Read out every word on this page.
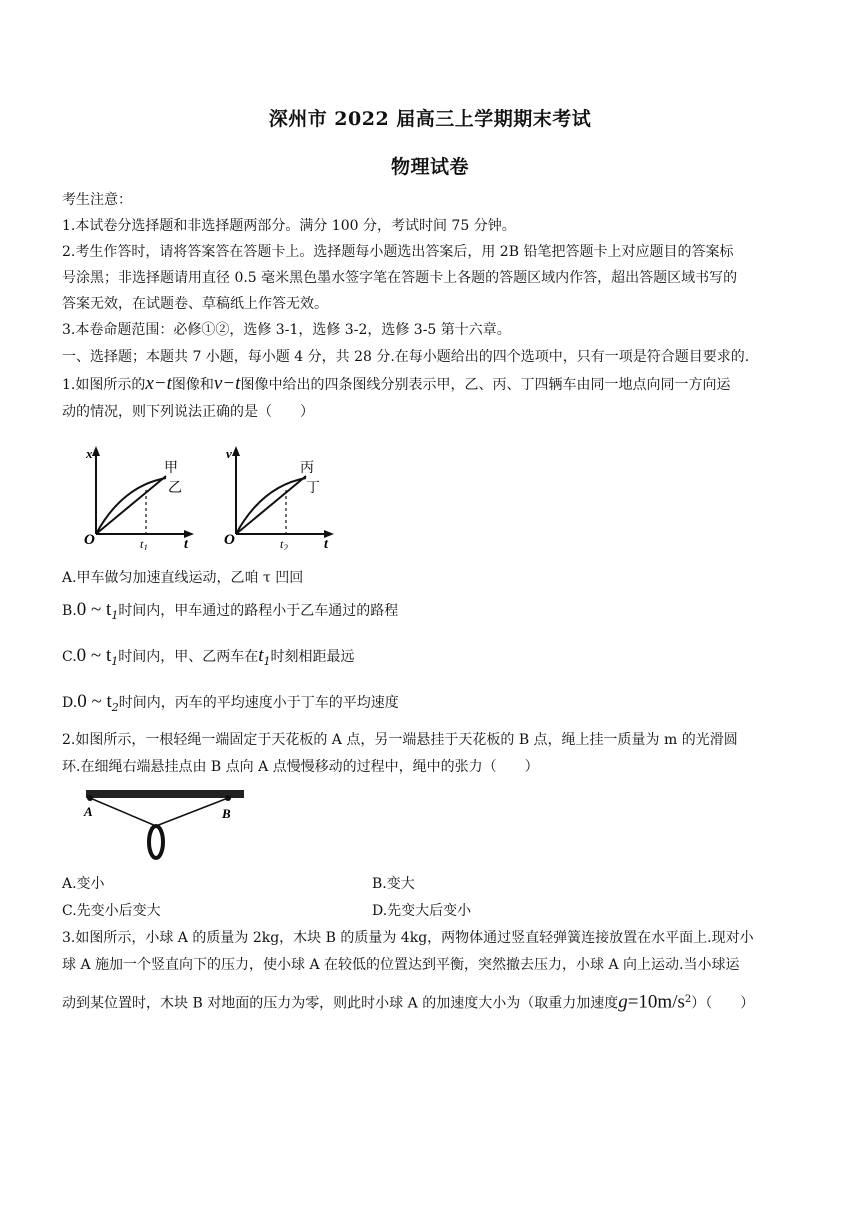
深州市 2022 届高三上学期期末考试
物理试卷
考生注意：
1.本试卷分选择题和非选择题两部分。满分 100 分，考试时间 75 分钟。
2.考生作答时，请将答案答在答题卡上。选择题每小题选出答案后，用 2B 铅笔把答题卡上对应题目的答案标
号涂黑；非选择题请用直径 0.5 毫米黑色墨水签字笔在答题卡上各题的答题区域内作答，超出答题区域书写的
答案无效，在试题卷、草稿纸上作答无效。
3.本卷命题范围：必修①②，选修 3-1，选修 3-2，选修 3-5 第十六章。
一、选择题；本题共 7 小题，每小题 4 分，共 28 分.在每小题给出的四个选项中，只有一项是符合题目要求的.
1.如图所示的x−t图像和v−t图像中给出的四条图线分别表示甲，乙、丙、丁四辆车由同一地点向同一方向运
动的情况，则下列说法正确的是（　　）
x
t
O	$t_1$
甲
乙
v
t
O	$t_2$
丙
丁
A.甲车做匀加速直线运动，乙咱 τ 凹回
B.0 ~ $t_1$时间内，甲车通过的路程小于乙车通过的路程
C.0 ~ $t_1$时间内，甲、乙两车在$t_1$时刻相距最远
D.0 ~ $t_2$时间内，丙车的平均速度小于丁车的平均速度
2.如图所示，一根轻绳一端固定于天花板的 A 点，另一端悬挂于天花板的 B 点，绳上挂一质量为 m 的光滑圆
环.在细绳右端悬挂点由 B 点向 A 点慢慢移动的过程中，绳中的张力（　　）
A	B
A.变小	B.变大
C.先变小后变大	D.先变大后变小
3.如图所示，小球 A 的质量为 2kg，木块 B 的质量为 4kg，两物体通过竖直轻弹簧连接放置在水平面上.现对小
球 A 施加一个竖直向下的压力，使小球 A 在较低的位置达到平衡，突然撤去压力，小球 A 向上运动.当小球运
动到某位置时，木块 B 对地面的压力为零，则此时小球 A 的加速度大小为（取重力加速度$g=10m/s^2$）（　　）
